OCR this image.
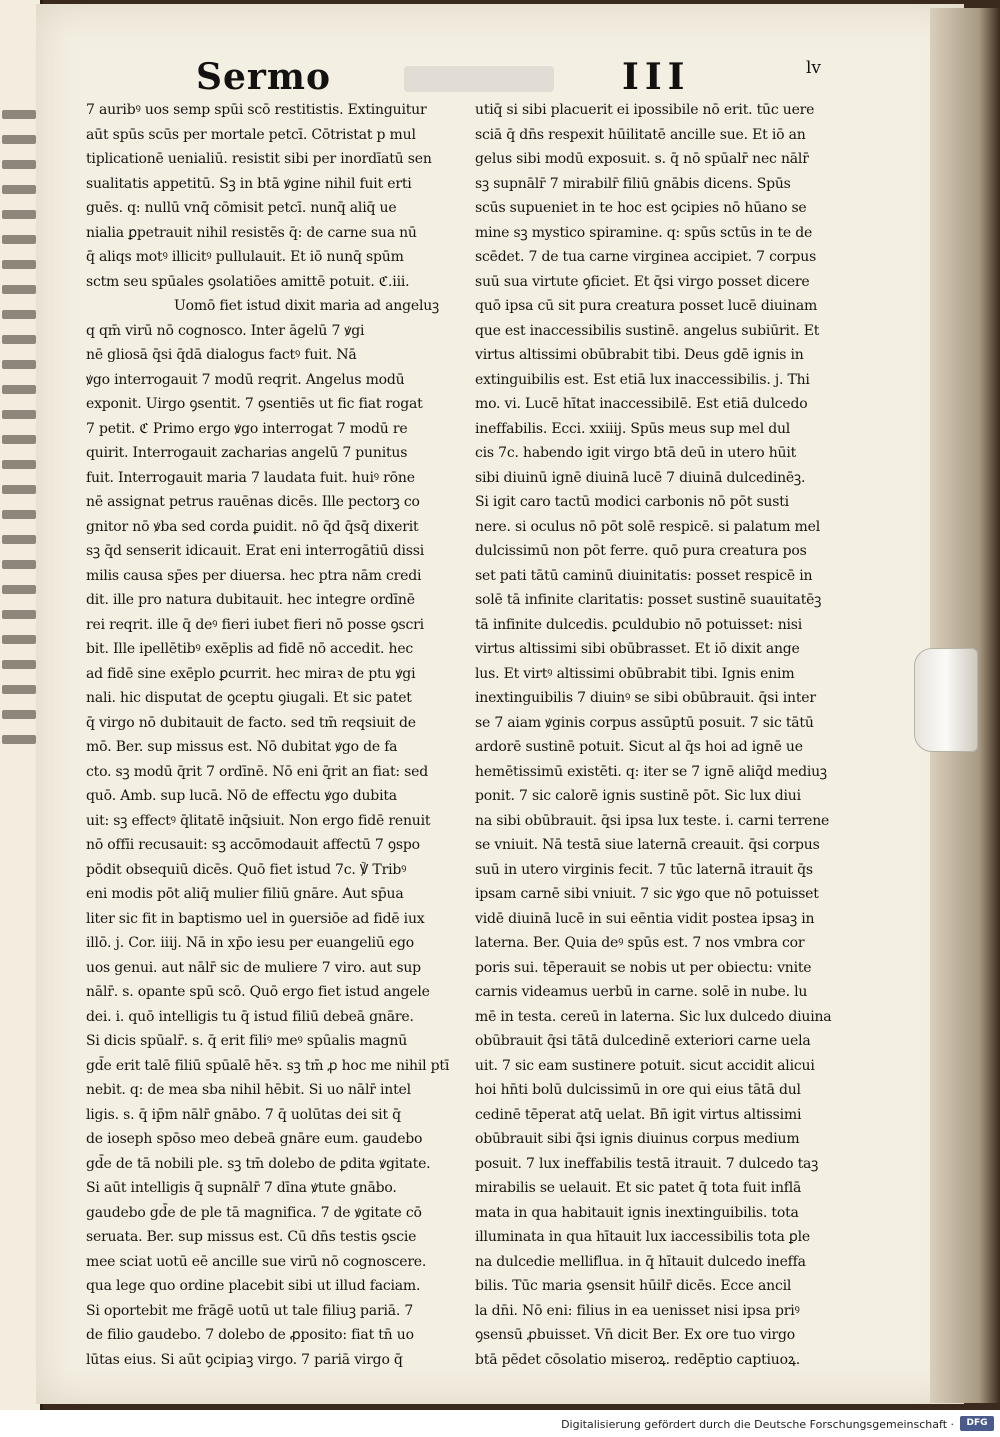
Sermo	III	lv
7 auribꝰ uos semp spūi scō restitistis. Extinguitur
aūt spūs scūs per mortale petcī. Cōtristat p mul
tiplicationē uenialiū. resistit sibi per inordīatū sen
sualitatis appetitū. Sꝫ in btā ꝟgine nihil fuit erti
guēs. q: nullū vnq̄ cōmisit petcī. nunq̄ aliq̄ ue
nialia ꝑpetrauit nihil resistēs q̄: de carne sua nū
q̄ aliqs motꝰ illicitꝰ pullulauit. Et iō nunq̄ spūm
sctm seu spūales ꝯsolatiōes amittē potuit. ℭ.iii.
Uomō fiet istud dixit maria ad angeluꝫ
q qm̄ virū nō cognosco. Inter āgelū 7 ꝟgi
nē gliosā q̄si q̄dā dialogus factꝰ fuit. Nā
ꝟgo interrogauit 7 modū reqrit. Angelus modū
exponit. Uirgo ꝯsentit. 7 ꝯsentiēs ut fic fiat rogat
7 petit. ℭ Primo ergo ꝟgo interrogat 7 modū re
quirit. Interrogauit zacharias angelū 7 punitus
fuit. Interrogauit maria 7 laudata fuit. huiꝰ rōne
nē assignat petrus rauēnas dicēs. Ille pectorꝫ co
gnitor nō ꝟba sed corda ꝑuidit. nō q̄d q̄sq̄ dixerit
sꝫ q̄d senserit idicauit. Erat eni interrogātiū dissi
milis causa sp̄es per diuersa. hec ptra nām credi
dit. ille pro natura dubitauit. hec integre ordīnē
rei reqrit. ille q̄ deꝰ fieri iubet fieri nō posse ꝯscri
bit. Ille ipellētibꝰ exēplis ad fidē nō accedit. hec
ad fidē sine exēplo ꝑcurrit. hec miraꝛ de ptu ꝟgi
nali. hic disputat de ꝯceptu ꝯiugali. Et sic patet
q̄ virgo nō dubitauit de facto. sed tm̄ reqsiuit de
mō. Ber. sup missus est. Nō dubitat ꝟgo de fa
cto. sꝫ modū q̄rit 7 ordīnē. Nō eni q̄rit an fiat: sed
quō. Amb. sup lucā. Nō de effectu ꝟgo dubita
uit: sꝫ effectꝰ q̄litatē inq̄siuit. Non ergo fidē renuit
nō offīi recusauit: sꝫ accōmodauit affectū 7 ꝯspo
pōdit obsequiū dicēs. Quō fiet istud 7c. ℣ Tribꝰ
eni modis pōt aliq̄ mulier filiū gnāre. Aut sp̄ua
liter sic fit in baptismo uel in ꝯuersiōe ad fidē iux
illō. j. Cor. iiij. Nā in xp̄o iesu per euangeliū ego
uos genui. aut nālr̄ sic de muliere 7 viro. aut sup
nālr̄. s. opante spū scō. Quō ergo fiet istud angele
dei. i. quō intelligis tu q̄ istud filiū debeā gnāre.
Si dicis spūalr̄. s. q̄ erit filiꝰ meꝰ spūalis magnū
gd̄e erit talē filiū spūalē hēꝛ. sꝫ tm̄ ꝓ hoc me nihil ptī
nebit. q: de mea sba nihil hēbit. Si uo nālr̄ intel
ligis. s. q̄ ip̄m nālr̄ gnābo. 7 q̄ uolūtas dei sit q̄
de ioseph spōso meo debeā gnāre eum. gaudebo
gd̄e de tā nobili ple. sꝫ tm̄ dolebo de ꝑdita ꝟgitate.
Si aūt intelligis q̄ supnālr̄ 7 dīna ꝟtute gnābo.
gaudebo gd̄e de ple tā magnifica. 7 de ꝟgitate cō
seruata. Ber. sup missus est. Cū dn̄s testis ꝯscie
mee sciat uotū eē ancille sue virū nō cognoscere.
qua lege quo ordine placebit sibi ut illud faciam.
Si oportebit me frāgē uotū ut tale filiuꝫ pariā. 7
de filio gaudebo. 7 dolebo de ꝓposito: fiat tn̄ uo
lūtas eius. Si aūt ꝯcipiaꝫ virgo. 7 pariā virgo q̄
utiq̄ si sibi placuerit ei ipossibile nō erit. tūc uere
sciā q̄ dn̄s respexit hūilitatē ancille sue. Et iō an
gelus sibi modū exposuit. s. q̄ nō spūalr̄ nec nālr̄
sꝫ supnālr̄ 7 mirabilr̄ filiū gnābis dicens. Spūs
scūs supueniet in te hoc est ꝯcipies nō hūano se
mine sꝫ mystico spiramine. q: spūs sctūs in te de
scēdet. 7 de tua carne virginea accipiet. 7 corpus
suū sua virtute ꝯficiet. Et q̄si virgo posset dicere
quō ipsa cū sit pura creatura posset lucē diuinam
que est inaccessibilis sustinē. angelus subiūrit. Et
virtus altissimi obūbrabit tibi. Deus gdē ignis in
extinguibilis est. Est etiā lux inaccessibilis. j. Thi
mo. vi. Lucē hītat inaccessibilē. Est etiā dulcedo
ineffabilis. Ecci. xxiiij. Spūs meus sup mel dul
cis 7c. habendo igit virgo btā deū in utero hūit
sibi diuinū ignē diuinā lucē 7 diuinā dulcedinēꝫ.
Si igit caro tactū modici carbonis nō pōt susti
nere. si oculus nō pōt solē respicē. si palatum mel
dulcissimū non pōt ferre. quō pura creatura pos
set pati tātū caminū diuinitatis: posset respicē in
solē tā infinite claritatis: posset sustinē suauitatēꝫ
tā infinite dulcedis. ꝑculdubio nō potuisset: nisi
virtus altissimi sibi obūbrasset. Et iō dixit ange
lus. Et virtꝰ altissimi obūbrabit tibi. Ignis enim
inextinguibilis 7 diuinꝰ se sibi obūbrauit. q̄si inter
se 7 aiam ꝟginis corpus assūptū posuit. 7 sic tātū
ardorē sustinē potuit. Sicut al q̄s hoi ad ignē ue
hemētissimū existēti. q: iter se 7 ignē aliq̄d mediuꝫ
ponit. 7 sic calorē ignis sustinē pōt. Sic lux diui
na sibi obūbrauit. q̄si ipsa lux teste. i. carni terrene
se vniuit. Nā testā siue laternā creauit. q̄si corpus
suū in utero virginis fecit. 7 tūc laternā itrauit q̄s
ipsam carnē sibi vniuit. 7 sic ꝟgo que nō potuisset
vidē diuinā lucē in sui eēntia vidit postea ipsaꝫ in
laterna. Ber. Quia deꝰ spūs est. 7 nos vmbra cor
poris sui. tēperauit se nobis ut per obiectu: vnite
carnis videamus uerbū in carne. solē in nube. lu
mē in testa. cereū in laterna. Sic lux dulcedo diuina
obūbrauit q̄si tātā dulcedinē exteriori carne uela
uit. 7 sic eam sustinere potuit. sicut accidit alicui
hoi hn̄ti bolū dulcissimū in ore qui eius tātā dul
cedinē tēperat atq̄ uelat. Bn̄ igit virtus altissimi
obūbrauit sibi q̄si ignis diuinus corpus medium
posuit. 7 lux ineffabilis testā itrauit. 7 dulcedo taꝫ
mirabilis se uelauit. Et sic patet q̄ tota fuit inflā
mata in qua habitauit ignis inextinguibilis. tota
illuminata in qua hītauit lux iaccessibilis tota ꝑle
na dulcedie melliflua. in q̄ hītauit dulcedo ineffa
bilis. Tūc maria ꝯsensit hūilr̄ dicēs. Ecce ancil
la dn̄i. Nō eni: filius in ea uenisset nisi ipsa priꝰ
ꝯsensū ꝓbuisset. Vn̄ dicit Ber. Ex ore tuo virgo
btā pēdet cōsolatio miseroꝝ. redēptio captiuoꝝ.
Digitalisierung gefördert durch die Deutsche Forschungsgemeinschaft ·	DFG
